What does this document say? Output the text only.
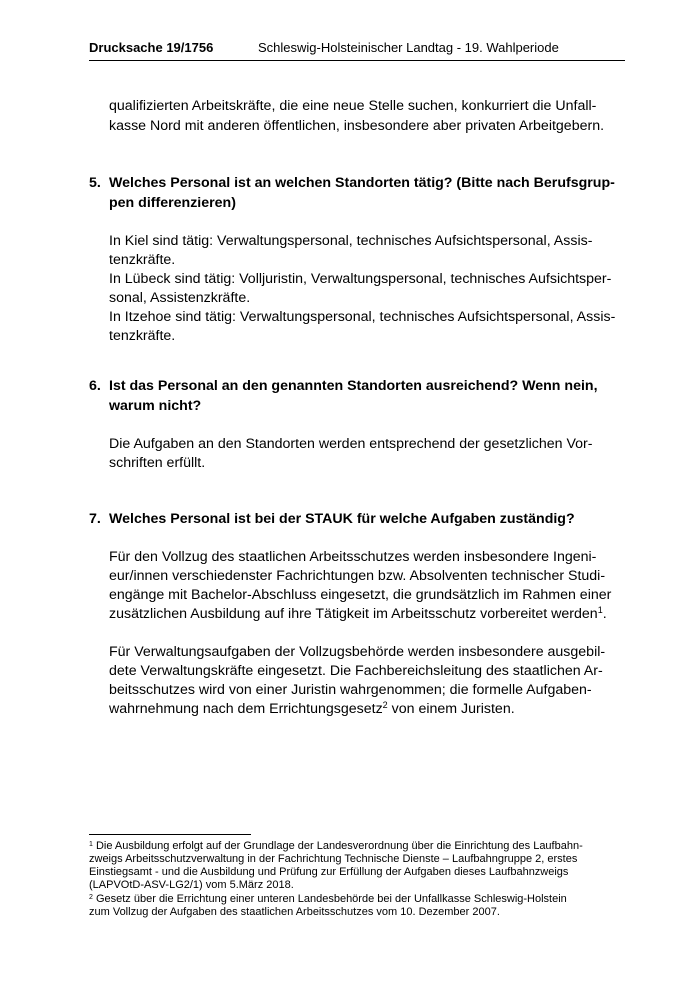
Drucksache 19/1756	Schleswig-Holsteinischer Landtag - 19. Wahlperiode
qualifizierten Arbeitskräfte, die eine neue Stelle suchen, konkurriert die Unfall-
kasse Nord mit anderen öffentlichen, insbesondere aber privaten Arbeitgebern.
5. Welches Personal ist an welchen Standorten tätig? (Bitte nach Berufsgrup-
pen differenzieren)
In Kiel sind tätig: Verwaltungspersonal, technisches Aufsichtspersonal, Assis-
tenzkräfte.
In Lübeck sind tätig: Volljuristin, Verwaltungspersonal, technisches Aufsichtsper-
sonal, Assistenzkräfte.
In Itzehoe sind tätig: Verwaltungspersonal, technisches Aufsichtspersonal, Assis-
tenzkräfte.
6. Ist das Personal an den genannten Standorten ausreichend? Wenn nein,
warum nicht?
Die Aufgaben an den Standorten werden entsprechend der gesetzlichen Vor-
schriften erfüllt.
7. Welches Personal ist bei der STAUK für welche Aufgaben zuständig?
Für den Vollzug des staatlichen Arbeitsschutzes werden insbesondere Ingeni-
eur/innen verschiedenster Fachrichtungen bzw. Absolventen technischer Studi-
engänge mit Bachelor-Abschluss eingesetzt, die grundsätzlich im Rahmen einer
zusätzlichen Ausbildung auf ihre Tätigkeit im Arbeitsschutz vorbereitet werden$^1$.
Für Verwaltungsaufgaben der Vollzugsbehörde werden insbesondere ausgebil-
dete Verwaltungskräfte eingesetzt. Die Fachbereichsleitung des staatlichen Ar-
beitsschutzes wird von einer Juristin wahrgenommen; die formelle Aufgaben-
wahrnehmung nach dem Errichtungsgesetz$^2$ von einem Juristen.
$^1$ Die Ausbildung erfolgt auf der Grundlage der Landesverordnung über die Einrichtung des Laufbahn-
zweigs Arbeitsschutzverwaltung in der Fachrichtung Technische Dienste – Laufbahngruppe 2, erstes
Einstiegsamt - und die Ausbildung und Prüfung zur Erfüllung der Aufgaben dieses Laufbahnzweigs
(LAPVOtD-ASV-LG2/1) vom 5.März 2018.
$^2$ Gesetz über die Errichtung einer unteren Landesbehörde bei der Unfallkasse Schleswig-Holstein
zum Vollzug der Aufgaben des staatlichen Arbeitsschutzes vom 10. Dezember 2007.
